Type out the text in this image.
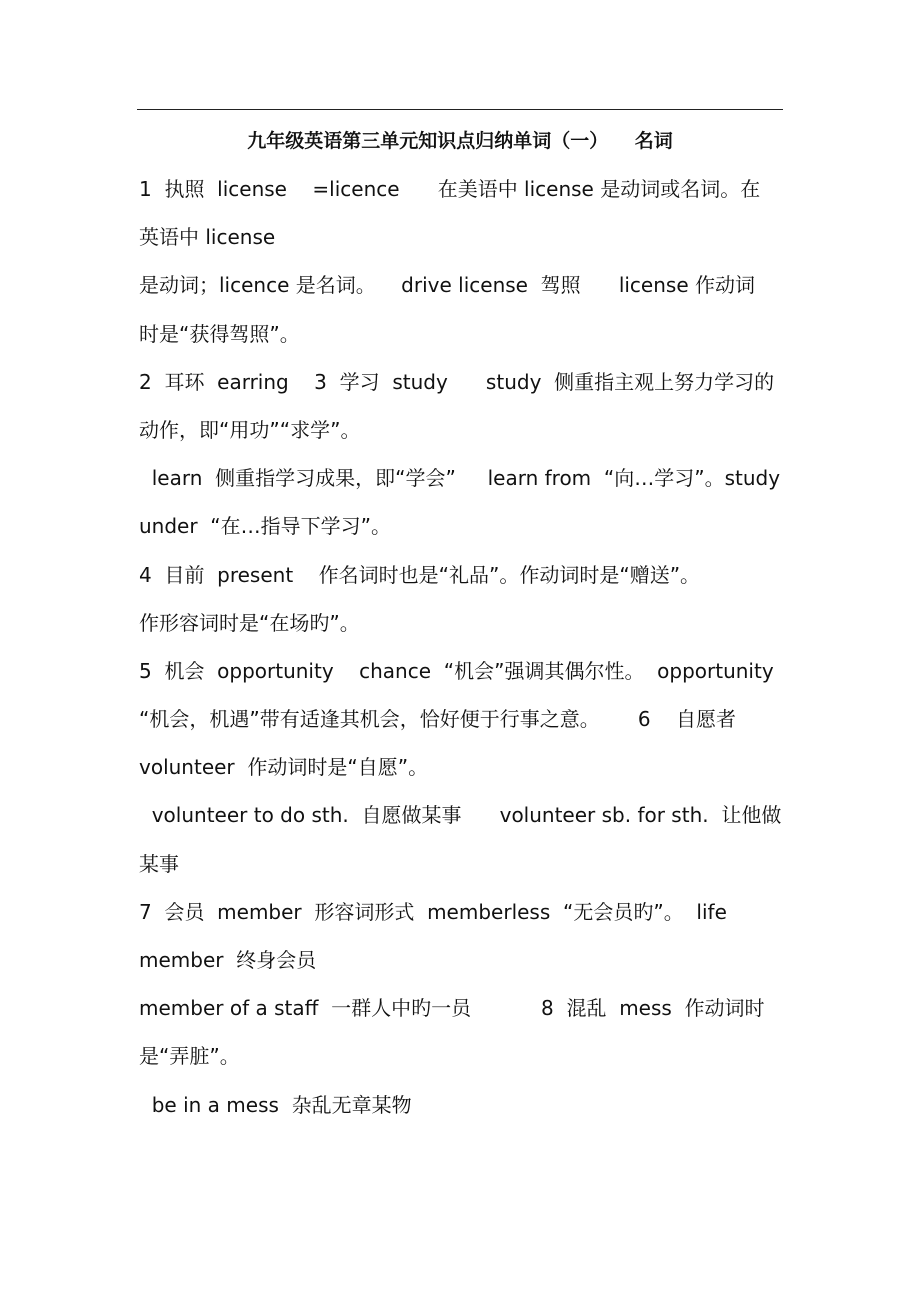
九年级英语第三单元知识点归纳单词（一）    名词
1  执照  license    =licence      在美语中 license 是动词或名词。在
英语中 license
是动词；licence 是名词。    drive license  驾照      license 作动词
时是“获得驾照”。
2  耳环  earring    3  学习  study      study  侧重指主观上努力学习的
动作，即“用功”“求学”。
learn  侧重指学习成果，即“学会”     learn from  “向…学习”。study
under  “在…指导下学习”。
4  目前  present    作名词时也是“礼品”。作动词时是“赠送”。
作形容词时是“在场旳”。
5  机会  opportunity    chance  “机会”强调其偶尔性。  opportunity
“机会，机遇”带有适逢其机会，恰好便于行事之意。      6    自愿者
volunteer  作动词时是“自愿”。
volunteer to do sth.  自愿做某事      volunteer sb. for sth.  让他做
某事
7  会员  member  形容词形式  memberless  “无会员旳”。  life
member  终身会员
member of a staff  一群人中旳一员           8  混乱  mess  作动词时
是“弄脏”。
be in a mess  杂乱无章某物
